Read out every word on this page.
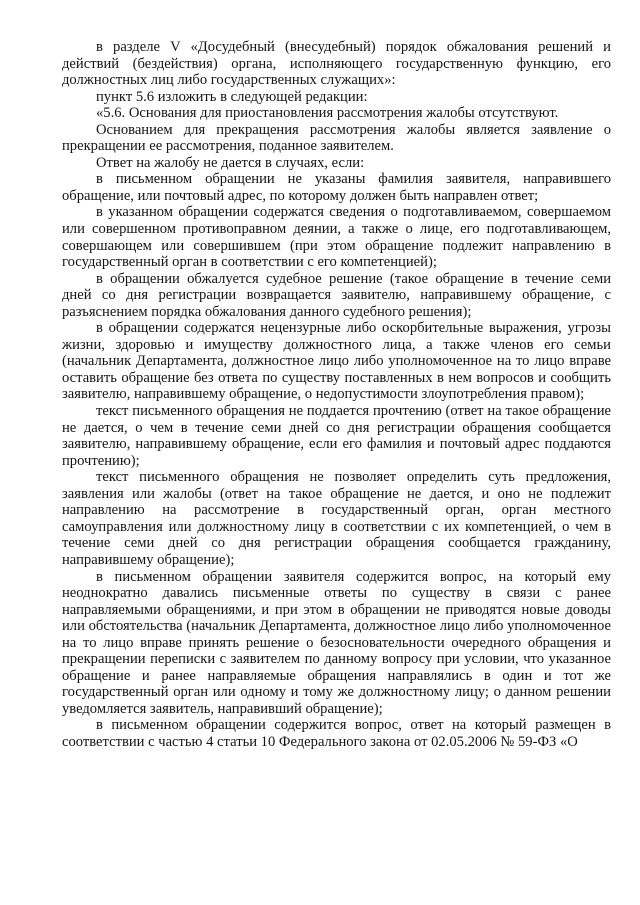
в разделе V «Досудебный (внесудебный) порядок обжалования решений и действий (бездействия) органа, исполняющего государственную функцию, его должностных лиц либо государственных служащих»:

пункт 5.6 изложить в следующей редакции:

«5.6. Основания для приостановления рассмотрения жалобы отсутствуют.

Основанием для прекращения рассмотрения жалобы является заявление о прекращении ее рассмотрения, поданное заявителем.

Ответ на жалобу не дается в случаях, если:

в письменном обращении не указаны фамилия заявителя, направившего обращение, или почтовый адрес, по которому должен быть направлен ответ;

в указанном обращении содержатся сведения о подготавливаемом, совершаемом или совершенном противоправном деянии, а также о лице, его подготавливающем, совершающем или совершившем (при этом обращение подлежит направлению в государственный орган в соответствии с его компетенцией);

в обращении обжалуется судебное решение (такое обращение в течение семи дней со дня регистрации возвращается заявителю, направившему обращение, с разъяснением порядка обжалования данного судебного решения);

в обращении содержатся нецензурные либо оскорбительные выражения, угрозы жизни, здоровью и имуществу должностного лица, а также членов его семьи (начальник Департамента, должностное лицо либо уполномоченное на то лицо вправе оставить обращение без ответа по существу поставленных в нем вопросов и сообщить заявителю, направившему обращение, о недопустимости злоупотребления правом);

текст письменного обращения не поддается прочтению (ответ на такое обращение не дается, о чем в течение семи дней со дня регистрации обращения сообщается заявителю, направившему обращение, если его фамилия и почтовый адрес поддаются прочтению);

текст письменного обращения не позволяет определить суть предложения, заявления или жалобы (ответ на такое обращение не дается, и оно не подлежит направлению на рассмотрение в государственный орган, орган местного самоуправления или должностному лицу в соответствии с их компетенцией, о чем в течение семи дней со дня регистрации обращения сообщается гражданину, направившему обращение);

в письменном обращении заявителя содержится вопрос, на который ему неоднократно давались письменные ответы по существу в связи с ранее направляемыми обращениями, и при этом в обращении не приводятся новые доводы или обстоятельства (начальник Департамента, должностное лицо либо уполномоченное на то лицо вправе принять решение о безосновательности очередного обращения и прекращении переписки с заявителем по данному вопросу при условии, что указанное обращение и ранее направляемые обращения направлялись в один и тот же государственный орган или одному и тому же должностному лицу; о данном решении уведомляется заявитель, направивший обращение);

в письменном обращении содержится вопрос, ответ на который размещен в соответствии с частью 4 статьи 10 Федерального закона от 02.05.2006 № 59-ФЗ «О
